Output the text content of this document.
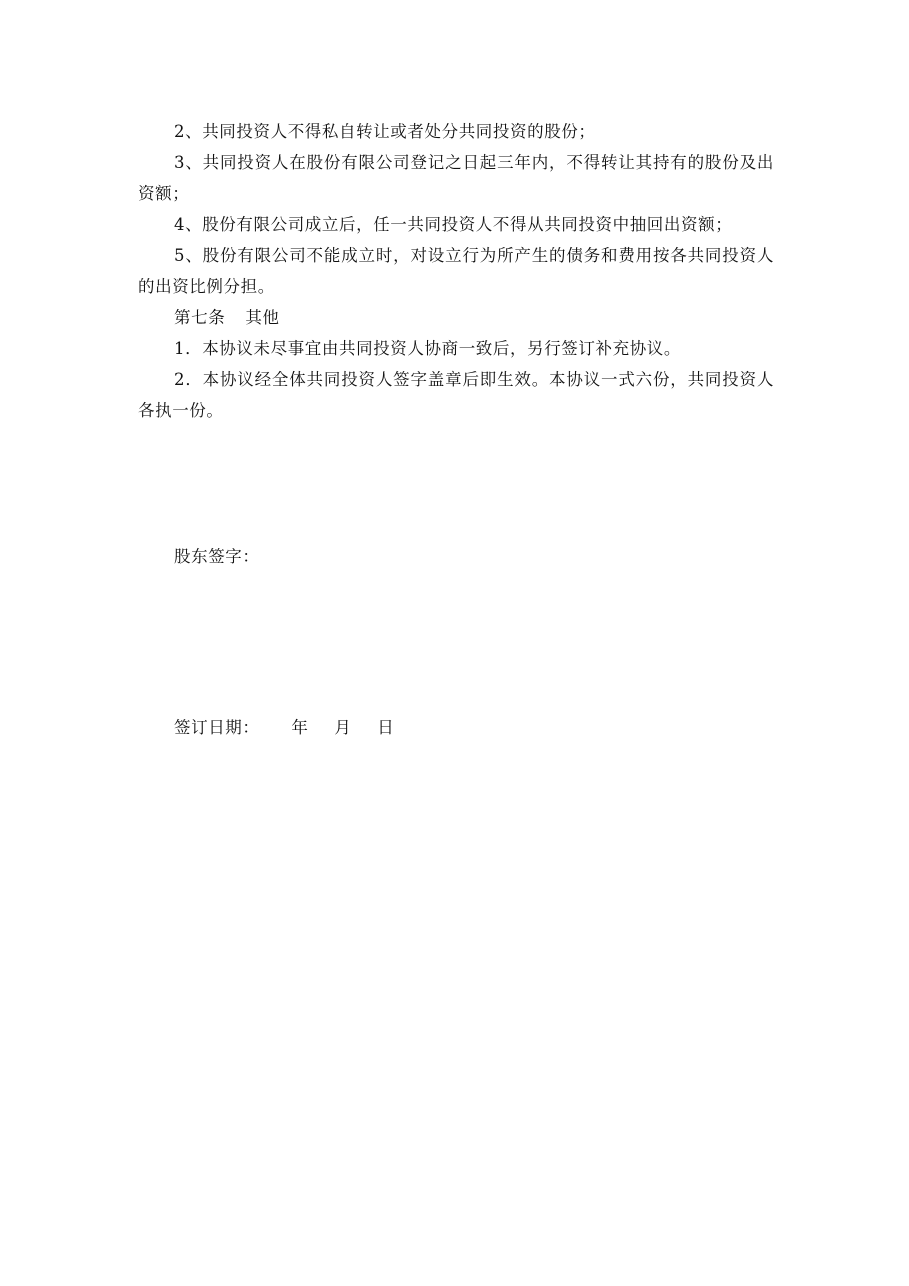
2、共同投资人不得私自转让或者处分共同投资的股份；

3、共同投资人在股份有限公司登记之日起三年内，不得转让其持有的股份及出资额；

4、股份有限公司成立后，任一共同投资人不得从共同投资中抽回出资额；

5、股份有限公司不能成立时，对设立行为所产生的债务和费用按各共同投资人的出资比例分担。

第七条 其他

1．本协议未尽事宜由共同投资人协商一致后，另行签订补充协议。

2．本协议经全体共同投资人签字盖章后即生效。本协议一式六份，共同投资人各执一份。

股东签字：
签订日期： 年 月 日
